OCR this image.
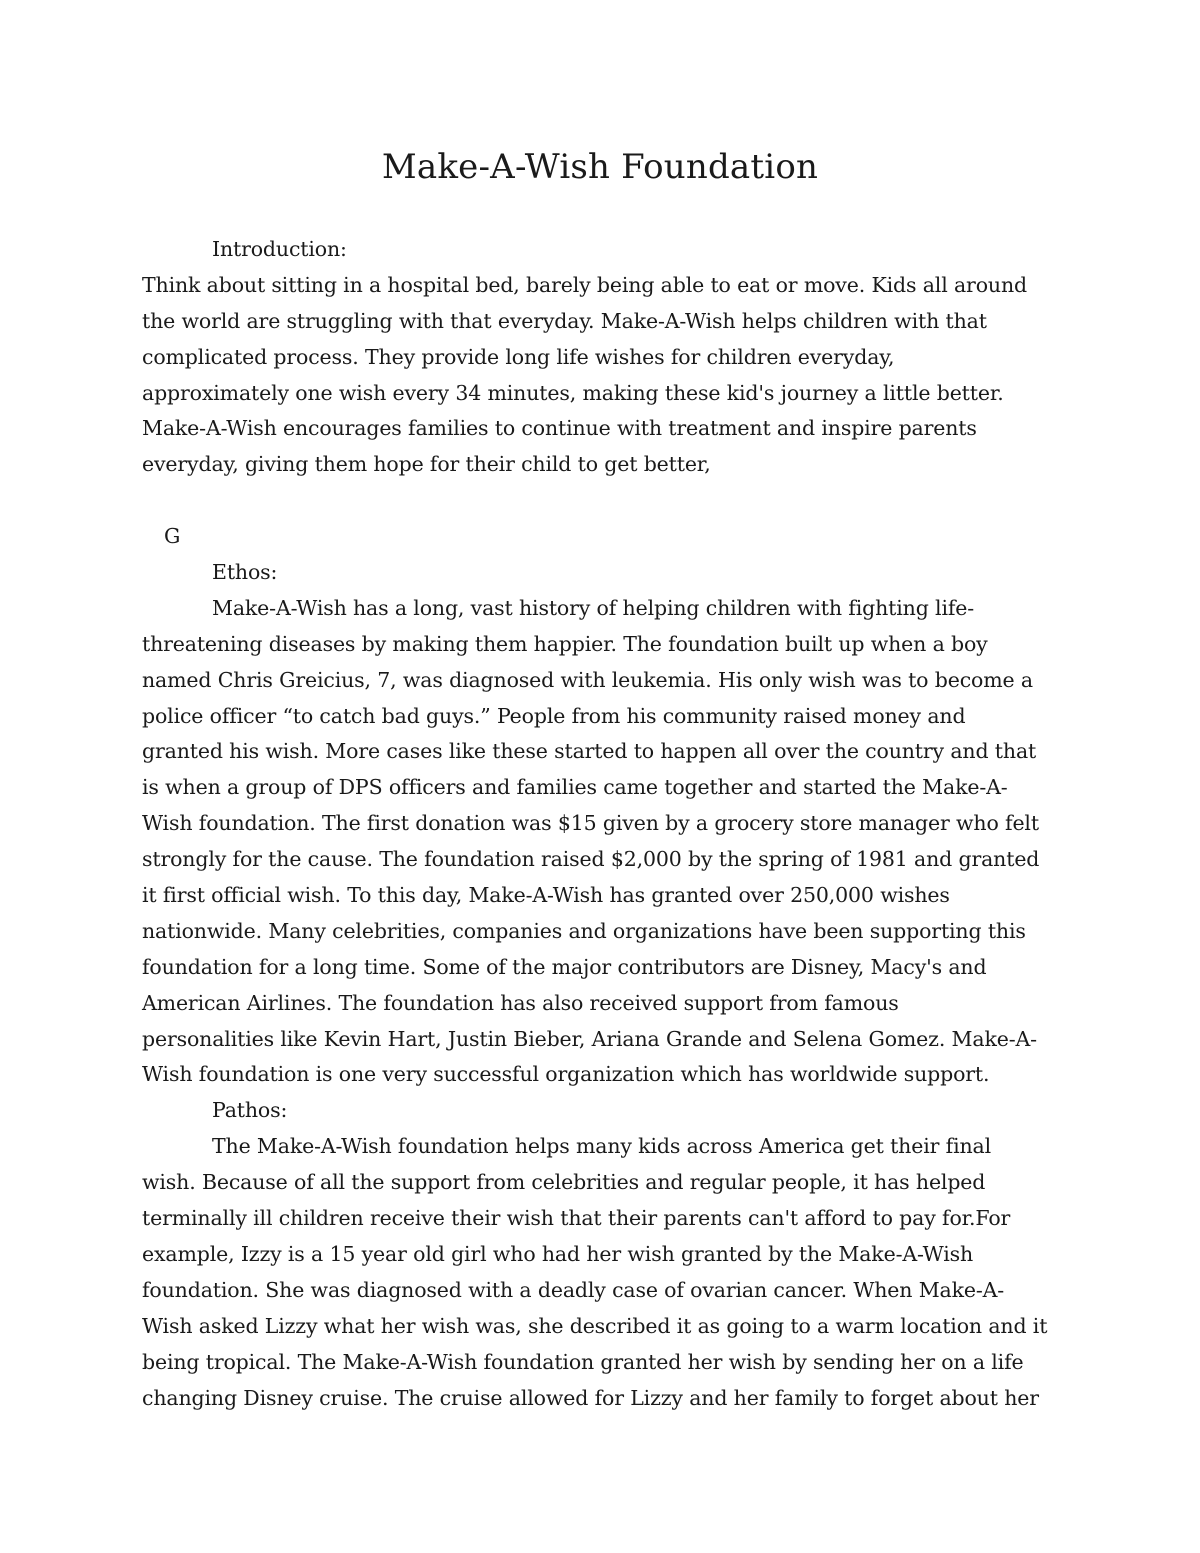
Make-A-Wish Foundation
Introduction:
Think about sitting in a hospital bed, barely being able to eat or move. Kids all around
the world are struggling with that everyday. Make-A-Wish helps children with that
complicated process. They provide long life wishes for children everyday,
approximately one wish every 34 minutes, making these kid's journey a little better.
Make-A-Wish encourages families to continue with treatment and inspire parents
everyday, giving them hope for their child to get better,
G
Ethos:
Make-A-Wish has a long, vast history of helping children with fighting life-
threatening diseases by making them happier. The foundation built up when a boy
named Chris Greicius, 7, was diagnosed with leukemia. His only wish was to become a
police officer “to catch bad guys.” People from his community raised money and
granted his wish. More cases like these started to happen all over the country and that
is when a group of DPS officers and families came together and started the Make-A-
Wish foundation. The first donation was $15 given by a grocery store manager who felt
strongly for the cause. The foundation raised $2,000 by the spring of 1981 and granted
it first official wish. To this day, Make-A-Wish has granted over 250,000 wishes
nationwide. Many celebrities, companies and organizations have been supporting this
foundation for a long time. Some of the major contributors are Disney, Macy's and
American Airlines. The foundation has also received support from famous
personalities like Kevin Hart, Justin Bieber, Ariana Grande and Selena Gomez. Make-A-
Wish foundation is one very successful organization which has worldwide support.
Pathos:
The Make-A-Wish foundation helps many kids across America get their final
wish. Because of all the support from celebrities and regular people, it has helped
terminally ill children receive their wish that their parents can't afford to pay for.For
example, Izzy is a 15 year old girl who had her wish granted by the Make-A-Wish
foundation. She was diagnosed with a deadly case of ovarian cancer. When Make-A-
Wish asked Lizzy what her wish was, she described it as going to a warm location and it
being tropical. The Make-A-Wish foundation granted her wish by sending her on a life
changing Disney cruise. The cruise allowed for Lizzy and her family to forget about her
